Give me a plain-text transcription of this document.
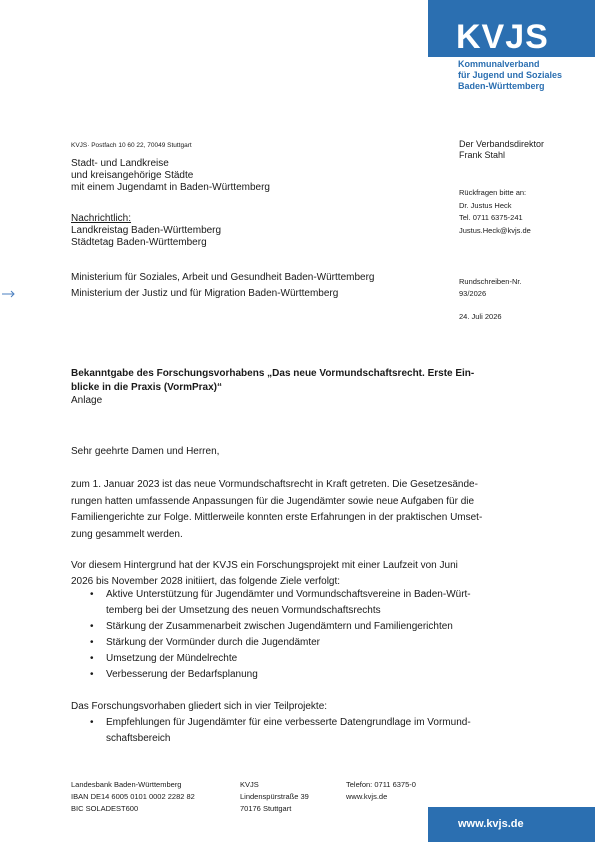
KVJS
Kommunalverband
für Jugend und Soziales
Baden-Württemberg
KVJS· Postfach 10 60 22, 70049 Stuttgart
Stadt- und Landkreise
und kreisangehörige Städte
mit einem Jugendamt in Baden-Württemberg
Nachrichtlich:
Landkreistag Baden-Württemberg
Städtetag Baden-Württemberg
Ministerium für Soziales, Arbeit und Gesundheit Baden-Württemberg
Ministerium der Justiz und für Migration Baden-Württemberg
Der Verbandsdirektor
Frank Stahl
Rückfragen bitte an:
Dr. Justus Heck
Tel. 0711 6375-241
Justus.Heck@kvjs.de
Rundschreiben-Nr.
93/2026
24. Juli 2026
Bekanntgabe des Forschungsvorhabens „Das neue Vormundschaftsrecht. Erste Ein-
blicke in die Praxis (VormPrax)“
Anlage
Sehr geehrte Damen und Herren,
zum 1. Januar 2023 ist das neue Vormundschaftsrecht in Kraft getreten. Die Gesetzesände-
rungen hatten umfassende Anpassungen für die Jugendämter sowie neue Aufgaben für die
Familiengerichte zur Folge. Mittlerweile konnten erste Erfahrungen in der praktischen Umset-
zung gesammelt werden.
Vor diesem Hintergrund hat der KVJS ein Forschungsprojekt mit einer Laufzeit von Juni
2026 bis November 2028 initiiert, das folgende Ziele verfolgt:
• Aktive Unterstützung für Jugendämter und Vormundschaftsvereine in Baden-Würt-
temberg bei der Umsetzung des neuen Vormundschaftsrechts
• Stärkung der Zusammenarbeit zwischen Jugendämtern und Familiengerichten
• Stärkung der Vormünder durch die Jugendämter
• Umsetzung der Mündelrechte
• Verbesserung der Bedarfsplanung
Das Forschungsvorhaben gliedert sich in vier Teilprojekte:
• Empfehlungen für Jugendämter für eine verbesserte Datengrundlage im Vormund-
schaftsbereich
Landesbank Baden-Württemberg
IBAN DE14 6005 0101 0002 2282 82
BIC SOLADEST600
KVJS
Lindenspürstraße 39
70176 Stuttgart
Telefon: 0711 6375-0
www.kvjs.de
www.kvjs.de
